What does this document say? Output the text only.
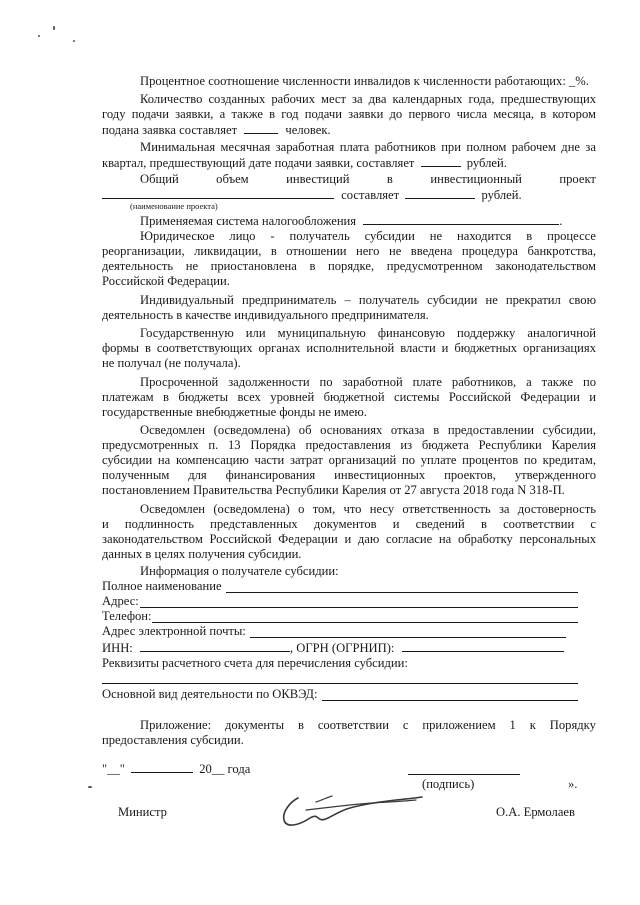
Процентное соотношение численности инвалидов к численности работающих: _%.
Количество созданных рабочих мест за два календарных года, предшествующих
году подачи заявки, а также в год подачи заявки до первого числа месяца, в котором
подана заявка составляет	человек.
Минимальная месячная заработная плата работников при полном рабочем дне за
квартал, предшествующий дате подачи заявки, составляет	рублей.
Общий	объем	инвестиций	в	инвестиционный	проект
составляет	рублей.
(наименование проекта)
Применяемая система налогообложения	.
Юридическое лицо - получатель субсидии не находится в процессе
реорганизации, ликвидации, в отношении него не введена процедура банкротства,
деятельность не приостановлена в порядке, предусмотренном законодательством
Российской Федерации.
Индивидуальный предприниматель – получатель субсидии не прекратил свою
деятельность в качестве индивидуального предпринимателя.
Государственную или муниципальную финансовую поддержку аналогичной
формы в соответствующих органах исполнительной власти и бюджетных организациях
не получал (не получала).
Просроченной задолженности по заработной плате работников, а также по
платежам в бюджеты всех уровней бюджетной системы Российской Федерации и
государственные внебюджетные фонды не имею.
Осведомлен (осведомлена) об основаниях отказа в предоставлении субсидии,
предусмотренных п. 13 Порядка предоставления из бюджета Республики Карелия
субсидии на компенсацию части затрат организаций по уплате процентов по кредитам,
полученным для финансирования инвестиционных проектов, утвержденного
постановлением Правительства Республики Карелия от 27 августа 2018 года N 318-П.
Осведомлен (осведомлена) о том, что несу ответственность за достоверность
и подлинность представленных документов и сведений в соответствии с
законодательством Российской Федерации и даю согласие на обработку персональных
данных в целях получения субсидии.
Информация о получателе субсидии:
Полное наименование
Адрес:
Телефон:
Адрес электронной почты:
ИНН:	, ОГРН (ОГРНИП):
Реквизиты расчетного счета для перечисления субсидии:
Основной вид деятельности по ОКВЭД:
Приложение: документы в соответствии с приложением 1 к Порядку
предоставления субсидии.
"__"	20__ года
(подпись)	».
Министр	О.А. Ермолаев
